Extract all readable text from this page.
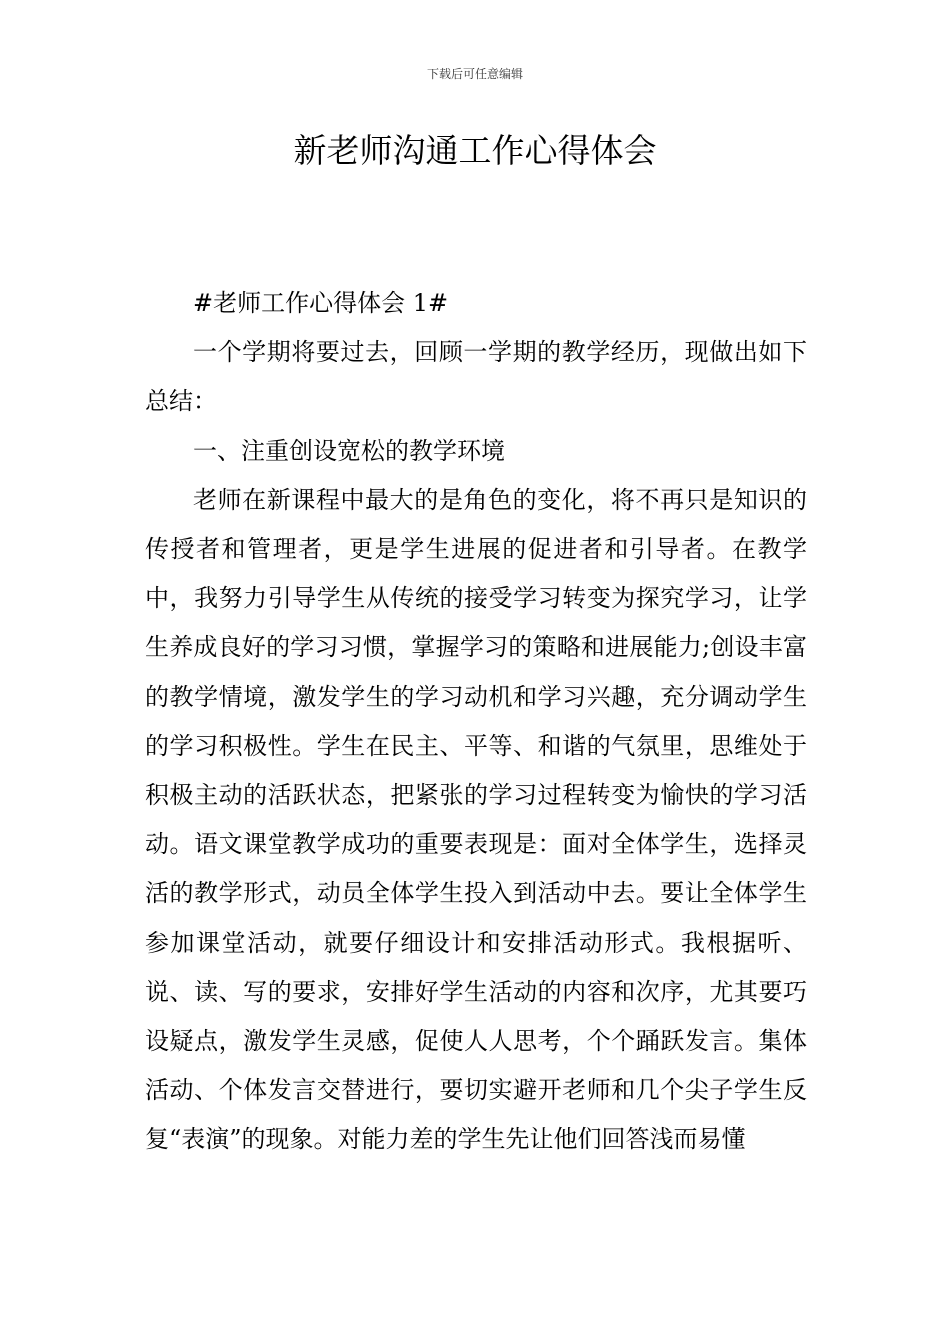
下载后可任意编辑
新老师沟通工作心得体会

#老师工作心得体会 1#

一个学期将要过去，回顾一学期的教学经历，现做出如下总结：

一、注重创设宽松的教学环境

老师在新课程中最大的是角色的变化，将不再只是知识的传授者和管理者，更是学生进展的促进者和引导者。在教学中，我努力引导学生从传统的接受学习转变为探究学习，让学生养成良好的学习习惯，掌握学习的策略和进展能力;创设丰富的教学情境，激发学生的学习动机和学习兴趣，充分调动学生的学习积极性。学生在民主、平等、和谐的气氛里，思维处于积极主动的活跃状态，把紧张的学习过程转变为愉快的学习活动。语文课堂教学成功的重要表现是：面对全体学生，选择灵活的教学形式，动员全体学生投入到活动中去。要让全体学生参加课堂活动，就要仔细设计和安排活动形式。我根据听、说、读、写的要求，安排好学生活动的内容和次序，尤其要巧设疑点，激发学生灵感，促使人人思考，个个踊跃发言。集体活动、个体发言交替进行，要切实避开老师和几个尖子学生反复“表演”的现象。对能力差的学生先让他们回答浅而易懂
